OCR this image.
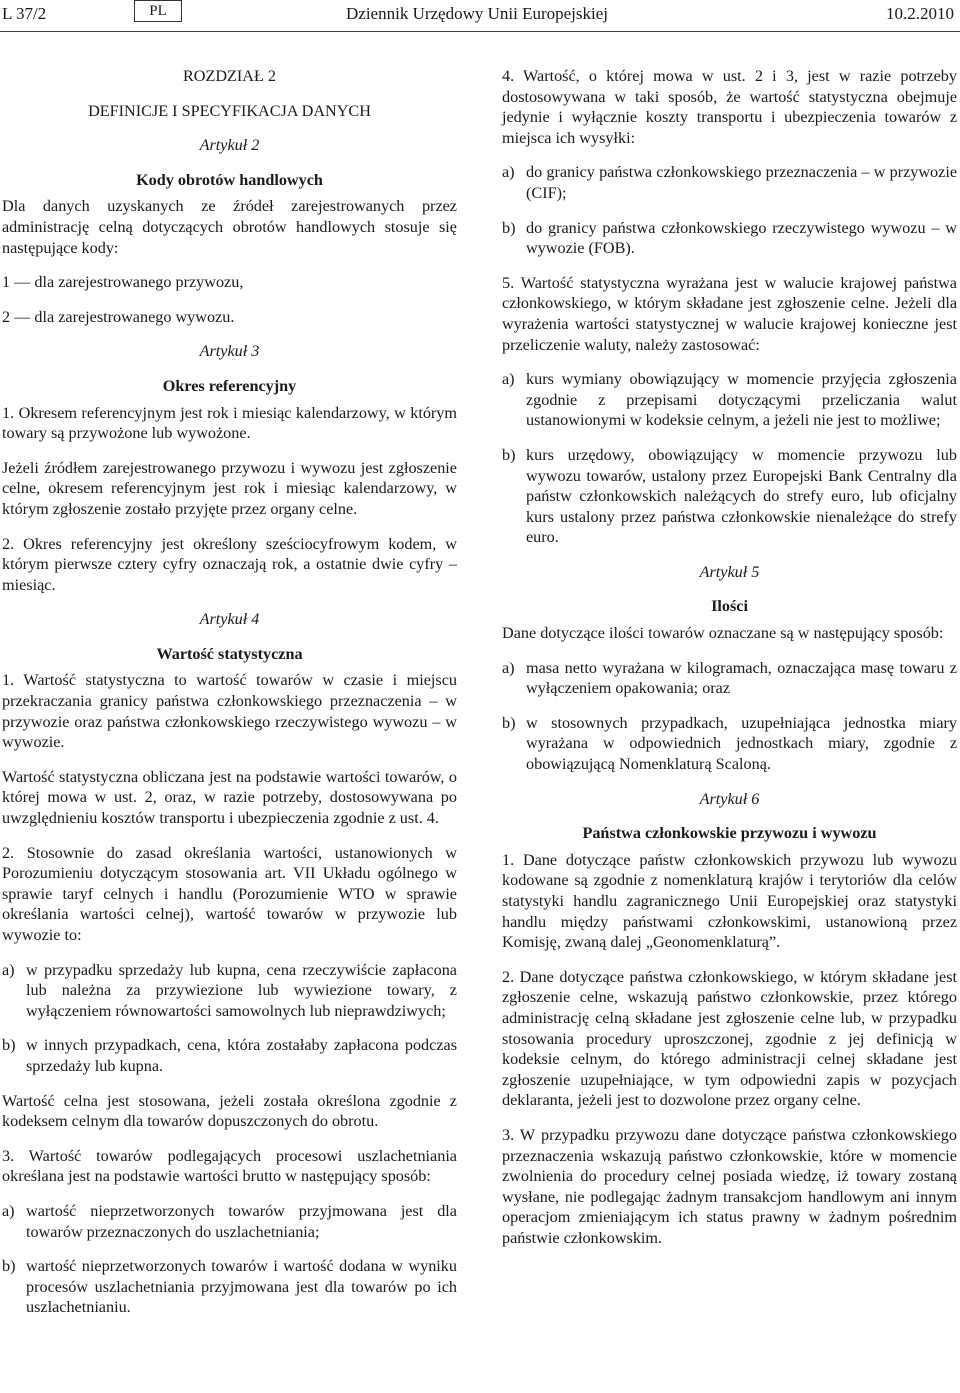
L 37/2	PL	Dziennik Urzędowy Unii Europejskiej	10.2.2010

ROZDZIAŁ 2

DEFINICJE I SPECYFIKACJA DANYCH

Artykuł 2

Kody obrotów handlowych

Dla danych uzyskanych ze źródeł zarejestrowanych przez administrację celną dotyczących obrotów handlowych stosuje się następujące kody:

1 — dla zarejestrowanego przywozu,

2 — dla zarejestrowanego wywozu.

Artykuł 3

Okres referencyjny

1. Okresem referencyjnym jest rok i miesiąc kalendarzowy, w którym towary są przywożone lub wywożone.

Jeżeli źródłem zarejestrowanego przywozu i wywozu jest zgłoszenie celne, okresem referencyjnym jest rok i miesiąc kalendarzowy, w którym zgłoszenie zostało przyjęte przez organy celne.

2. Okres referencyjny jest określony sześciocyfrowym kodem, w którym pierwsze cztery cyfry oznaczają rok, a ostatnie dwie cyfry – miesiąc.

Artykuł 4

Wartość statystyczna

1. Wartość statystyczna to wartość towarów w czasie i miejscu przekraczania granicy państwa członkowskiego przeznaczenia – w przywozie oraz państwa członkowskiego rzeczywistego wywozu – w wywozie.

Wartość statystyczna obliczana jest na podstawie wartości towarów, o której mowa w ust. 2, oraz, w razie potrzeby, dostosowywana po uwzględnieniu kosztów transportu i ubezpieczenia zgodnie z ust. 4.

2. Stosownie do zasad określania wartości, ustanowionych w Porozumieniu dotyczącym stosowania art. VII Układu ogólnego w sprawie taryf celnych i handlu (Porozumienie WTO w sprawie określania wartości celnej), wartość towarów w przywozie lub wywozie to:

a) w przypadku sprzedaży lub kupna, cena rzeczywiście zapłacona lub należna za przywiezione lub wywiezione towary, z wyłączeniem równowartości samowolnych lub nieprawdziwych;
b) w innych przypadkach, cena, która zostałaby zapłacona podczas sprzedaży lub kupna.

Wartość celna jest stosowana, jeżeli została określona zgodnie z kodeksem celnym dla towarów dopuszczonych do obrotu.

3. Wartość towarów podlegających procesowi uszlachetniania określana jest na podstawie wartości brutto w następujący sposób:

a) wartość nieprzetworzonych towarów przyjmowana jest dla towarów przeznaczonych do uszlachetniania;
b) wartość nieprzetworzonych towarów i wartość dodana w wyniku procesów uszlachetniania przyjmowana jest dla towarów po ich uszlachetnianiu.

4. Wartość, o której mowa w ust. 2 i 3, jest w razie potrzeby dostosowywana w taki sposób, że wartość statystyczna obejmuje jedynie i wyłącznie koszty transportu i ubezpieczenia towarów z miejsca ich wysyłki:

a) do granicy państwa członkowskiego przeznaczenia – w przywozie (CIF);
b) do granicy państwa członkowskiego rzeczywistego wywozu – w wywozie (FOB).

5. Wartość statystyczna wyrażana jest w walucie krajowej państwa członkowskiego, w którym składane jest zgłoszenie celne. Jeżeli dla wyrażenia wartości statystycznej w walucie krajowej konieczne jest przeliczenie waluty, należy zastosować:

a) kurs wymiany obowiązujący w momencie przyjęcia zgłoszenia zgodnie z przepisami dotyczącymi przeliczania walut ustanowionymi w kodeksie celnym, a jeżeli nie jest to możliwe;
b) kurs urzędowy, obowiązujący w momencie przywozu lub wywozu towarów, ustalony przez Europejski Bank Centralny dla państw członkowskich należących do strefy euro, lub oficjalny kurs ustalony przez państwa członkowskie nienależące do strefy euro.

Artykuł 5

Ilości

Dane dotyczące ilości towarów oznaczane są w następujący sposób:

a) masa netto wyrażana w kilogramach, oznaczająca masę towaru z wyłączeniem opakowania; oraz
b) w stosownych przypadkach, uzupełniająca jednostka miary wyrażana w odpowiednich jednostkach miary, zgodnie z obowiązującą Nomenklaturą Scaloną.

Artykuł 6

Państwa członkowskie przywozu i wywozu

1. Dane dotyczące państw członkowskich przywozu lub wywozu kodowane są zgodnie z nomenklaturą krajów i terytoriów dla celów statystyki handlu zagranicznego Unii Europejskiej oraz statystyki handlu między państwami członkowskimi, ustanowioną przez Komisję, zwaną dalej „Geonomenklaturą”.

2. Dane dotyczące państwa członkowskiego, w którym składane jest zgłoszenie celne, wskazują państwo członkowskie, przez którego administrację celną składane jest zgłoszenie celne lub, w przypadku stosowania procedury uproszczonej, zgodnie z jej definicją w kodeksie celnym, do którego administracji celnej składane jest zgłoszenie uzupełniające, w tym odpowiedni zapis w pozycjach deklaranta, jeżeli jest to dozwolone przez organy celne.

3. W przypadku przywozu dane dotyczące państwa członkowskiego przeznaczenia wskazują państwo członkowskie, które w momencie zwolnienia do procedury celnej posiada wiedzę, iż towary zostaną wysłane, nie podlegając żadnym transakcjom handlowym ani innym operacjom zmieniającym ich status prawny w żadnym pośrednim państwie członkowskim.
